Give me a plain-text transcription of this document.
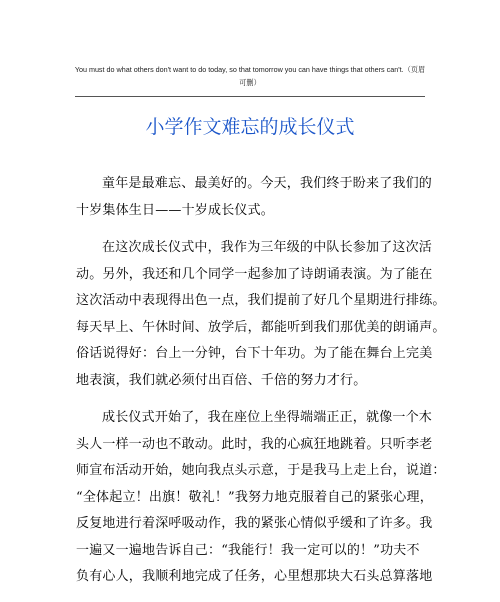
You must do what others don't want to do today, so that tomorrow you can have things that others can't.（页眉
可删）
小学作文难忘的成长仪式

童年是最难忘、最美好的。今天，我们终于盼来了我们的
十岁集体生日——十岁成长仪式。

在这次成长仪式中，我作为三年级的中队长参加了这次活
动。另外，我还和几个同学一起参加了诗朗诵表演。为了能在
这次活动中表现得出色一点，我们提前了好几个星期进行排练。
每天早上、午休时间、放学后，都能听到我们那优美的朗诵声。
俗话说得好：台上一分钟，台下十年功。为了能在舞台上完美
地表演，我们就必须付出百倍、千倍的努力才行。

成长仪式开始了，我在座位上坐得端端正正，就像一个木
头人一样一动也不敢动。此时，我的心疯狂地跳着。只听李老
师宣布活动开始，她向我点头示意，于是我马上走上台，说道：
“全体起立！出旗！敬礼！”我努力地克服着自己的紧张心理，
反复地进行着深呼吸动作，我的紧张心情似乎缓和了许多。我
一遍又一遍地告诉自己：“我能行！我一定可以的！”功夫不
负有心人，我顺利地完成了任务，心里想那块大石头总算落地
